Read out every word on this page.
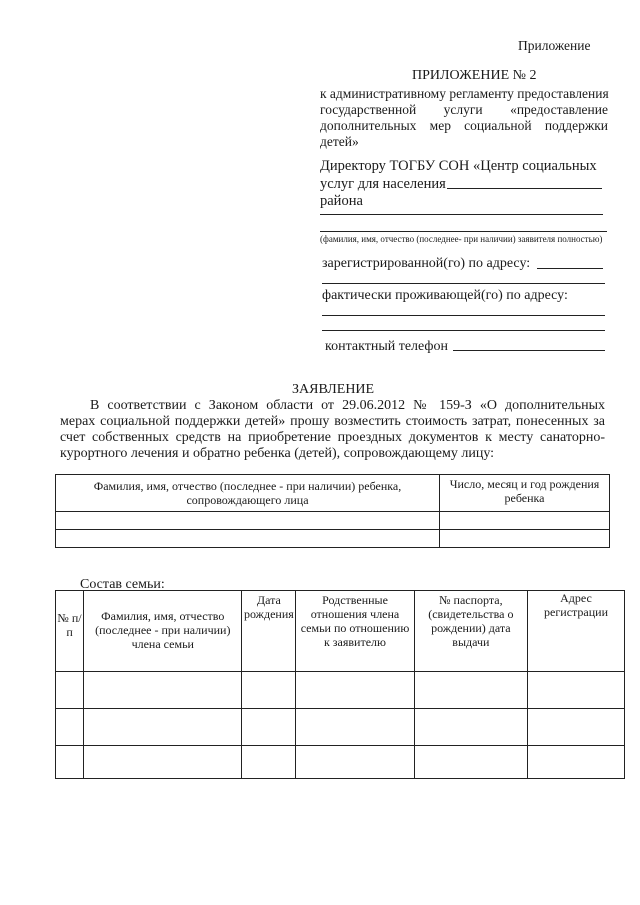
Приложение
ПРИЛОЖЕНИЕ № 2
к административному регламенту предоставления
государственной услуги «предоставление
дополнительных мер социальной поддержки
детей»
Директору ТОГБУ СОН «Центр социальных
услуг для населения
района
(фамилия, имя, отчество (последнее- при наличии) заявителя полностью)
зарегистрированной(го) по адресу:
фактически проживающей(го) по адресу:
контактный телефон
ЗАЯВЛЕНИЕ
В соответствии с Законом области от 29.06.2012 № 159-З «О дополнительных
мерах социальной поддержки детей» прошу возместить стоимость затрат, понесенных за
счет собственных средств на приобретение проездных документов к месту санаторно-
курортного лечения и обратно ребенка (детей), сопровождающему лицу:
Фамилия, имя, отчество (последнее - при наличии) ребенка, сопровождающего лица	Число, месяц и год рождения ребенка

Состав семьи:
№ п/п	Фамилия, имя, отчество (последнее - при наличии) члена семьи	Дата рождения	Родственные отношения члена семьи по отношению к заявителю	№ паспорта, (свидетельства о рождении) дата выдачи	Адрес регистрации
